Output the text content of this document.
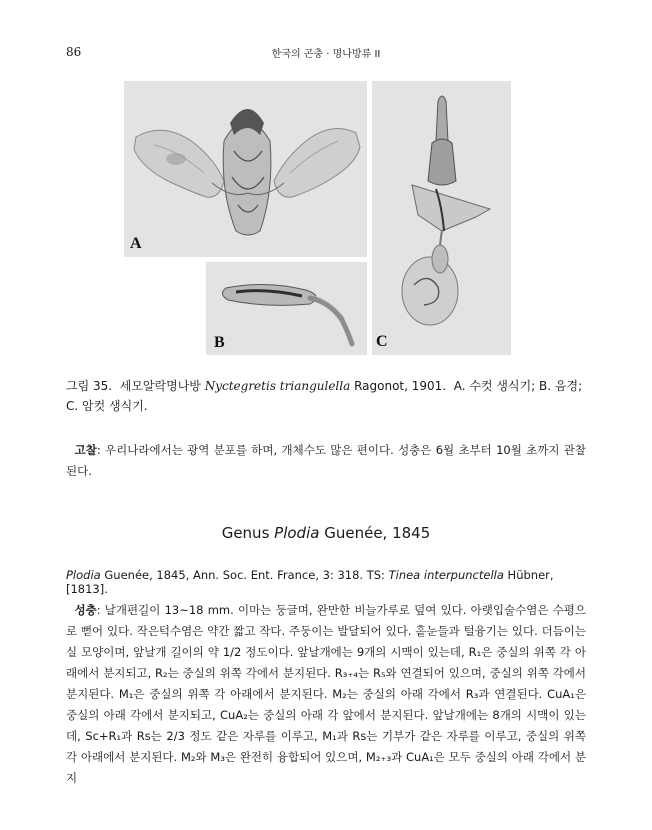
86	한국의 곤충 · 명나방류 II
A
B	C
그림 35. 세모알락명나방 Nyctegretis triangulella Ragonot, 1901. A. 수컷 생식기; B. 음경; C. 암컷 생식기.
고찰: 우리나라에서는 광역 분포를 하며, 개체수도 많은 편이다. 성충은 6월 초부터 10월 초까지 관찰된다.
Genus Plodia Guenée, 1845
Plodia Guenée, 1845, Ann. Soc. Ent. France, 3: 318. TS: Tinea interpunctella Hübner, [1813].
성충: 날개편길이 13~18 mm. 이마는 둥글며, 완만한 비늘가루로 덮여 있다. 아랫입술수염은 수평으로 뻗어 있다. 작은턱수염은 약간 짧고 작다. 주둥이는 발달되어 있다. 홑눈들과 털융기는 있다. 더듬이는 실 모양이며, 앞날개 길이의 약 1/2 정도이다. 앞날개에는 9개의 시맥이 있는데, R₁은 중실의 위쪽 각 아래에서 분지되고, R₂는 중실의 위쪽 각에서 분지된다. R₃₊₄는 R₅와 연결되어 있으며, 중실의 위쪽 각에서 분지된다. M₁은 중실의 위쪽 각 아래에서 분지된다. M₂는 중실의 아래 각에서 R₃과 연결된다. CuA₁은 중실의 아래 각에서 분지되고, CuA₂는 중실의 아래 각 앞에서 분지된다. 앞날개에는 8개의 시맥이 있는데, Sc+R₁과 Rs는 2/3 정도 같은 자루를 이루고, M₁과 Rs는 기부가 같은 자루를 이루고, 중실의 위쪽 각 아래에서 분지된다. M₂와 M₃은 완전히 융합되어 있으며, M₂₊₃과 CuA₁은 모두 중실의 아래 각에서 분지
